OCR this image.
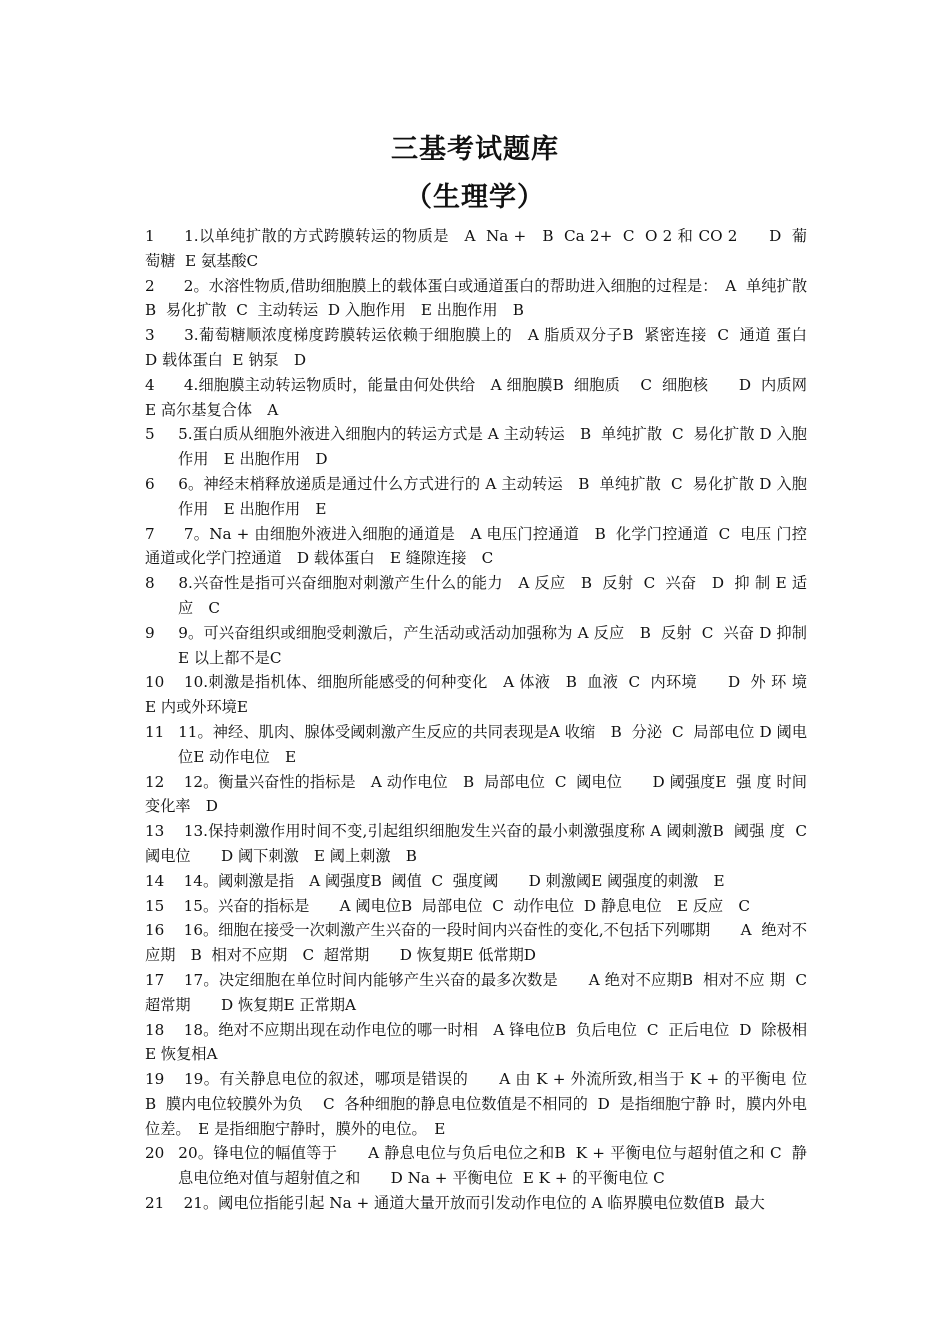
三基考试题库
（生理学）
1	1.以单纯扩散的方式跨膜转运的物质是　A  Na +　B  Ca 2+  C  O 2 和 CO 2　　D  葡 萄糖  E 氨基酸C
2	2。水溶性物质,借助细胞膜上的载体蛋白或通道蛋白的帮助进入细胞的过程是：　A  单纯扩散　　B  易化扩散  C  主动转运  D 入胞作用　E 出胞作用　B
3	3.葡萄糖顺浓度梯度跨膜转运依赖于细胞膜上的　A 脂质双分子B  紧密连接  C  通道 蛋白　　D 载体蛋白  E 钠泵　D
4	4.细胞膜主动转运物质时，能量由何处供给　A 细胞膜B  细胞质　 C  细胞核　　D  内质网  E 高尔基复合体　A
5	5.蛋白质从细胞外液进入细胞内的转运方式是 A 主动转运　B  单纯扩散  C  易化扩散 D 入胞作用　E 出胞作用　D
6	6。神经末梢释放递质是通过什么方式进行的 A 主动转运　B  单纯扩散  C  易化扩散 D 入胞作用　E 出胞作用　E
7	7。Na + 由细胞外液进入细胞的通道是　A 电压门控通道　B  化学门控通道  C  电压 门控通道或化学门控通道　D 载体蛋白　E 缝隙连接　C
8	8.兴奋性是指可兴奋细胞对刺激产生什么的能力　A 反应　B  反射  C  兴奋　D  抑 制 E 适应　C
9	9。可兴奋组织或细胞受刺激后，产生活动或活动加强称为 A 反应　B  反射  C  兴奋 D 抑制　E 以上都不是C
10	10.刺激是指机体、细胞所能感受的何种变化　A 体液　B  血液  C  内环境　　D  外 环 境  E 内或外环境E
11	11。神经、肌肉、腺体受阈刺激产生反应的共同表现是A 收缩　B  分泌  C  局部电位 D 阈电位E 动作电位　E
12	12。衡量兴奋性的指标是　A 动作电位　B  局部电位  C  阈电位　　D 阈强度E  强 度 时间变化率　D
13	13.保持刺激作用时间不变,引起组织细胞发生兴奋的最小刺激强度称 A 阈刺激B  阈强 度  C  阈电位　　D 阈下刺激　E 阈上刺激　B
14	14。阈刺激是指　A 阈强度B  阈值  C  强度阈　　D 刺激阈E 阈强度的刺激　E
15	15。兴奋的指标是　　A 阈电位B  局部电位  C  动作电位  D 静息电位　E 反应　C
16	16。细胞在接受一次刺激产生兴奋的一段时间内兴奋性的变化,不包括下列哪期　　A  绝对不应期　B  相对不应期　C  超常期　　D 恢复期E 低常期D
17	17。决定细胞在单位时间内能够产生兴奋的最多次数是　　A 绝对不应期B  相对不应 期  C  超常期　　D 恢复期E 正常期A
18	18。绝对不应期出现在动作电位的哪一时相　A 锋电位B  负后电位  C  正后电位  D  除极相　E 恢复相A
19	19。有关静息电位的叙述，哪项是错误的　　A 由 K + 外流所致,相当于 K + 的平衡电 位  B  膜内电位较膜外为负　 C  各种细胞的静息电位数值是不相同的  D  是指细胞宁静 时，膜内外电位差。　E 是指细胞宁静时，膜外的电位。　E
20	20。锋电位的幅值等于　　A 静息电位与负后电位之和B  K + 平衡电位与超射值之和 C  静息电位绝对值与超射值之和　　D Na + 平衡电位  E K + 的平衡电位 C
21	21。阈电位指能引起 Na + 通道大量开放而引发动作电位的 A 临界膜电位数值B  最大
